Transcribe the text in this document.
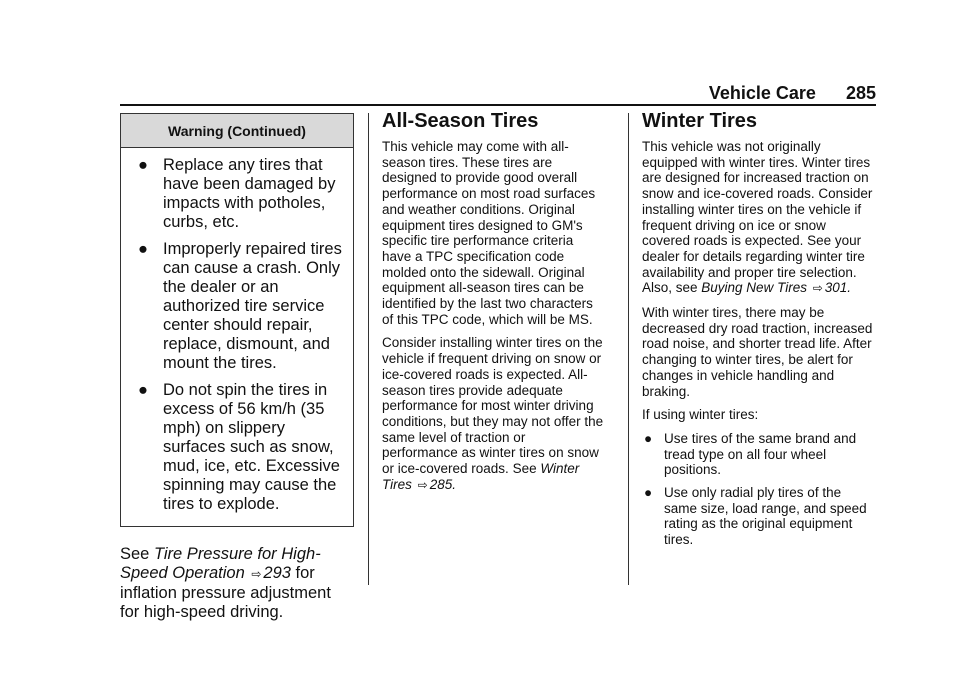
Vehicle Care 285
Warning (Continued)
● Replace any tires that have been damaged by impacts with potholes, curbs, etc.
● Improperly repaired tires can cause a crash. Only the dealer or an authorized tire service center should repair, replace, dismount, and mount the tires.
● Do not spin the tires in excess of 56 km/h (35 mph) on slippery surfaces such as snow, mud, ice, etc. Excessive spinning may cause the tires to explode.
See Tire Pressure for High-Speed Operation ⇨ 293 for inflation pressure adjustment for high-speed driving.
All-Season Tires

This vehicle may come with all-season tires. These tires are designed to provide good overall performance on most road surfaces and weather conditions. Original equipment tires designed to GM's specific tire performance criteria have a TPC specification code molded onto the sidewall. Original equipment all-season tires can be identified by the last two characters of this TPC code, which will be MS.

Consider installing winter tires on the vehicle if frequent driving on snow or ice-covered roads is expected. All-season tires provide adequate performance for most winter driving conditions, but they may not offer the same level of traction or performance as winter tires on snow or ice-covered roads. See Winter Tires ⇨ 285.

Winter Tires

This vehicle was not originally equipped with winter tires. Winter tires are designed for increased traction on snow and ice-covered roads. Consider installing winter tires on the vehicle if frequent driving on ice or snow covered roads is expected. See your dealer for details regarding winter tire availability and proper tire selection. Also, see Buying New Tires ⇨ 301.

With winter tires, there may be decreased dry road traction, increased road noise, and shorter tread life. After changing to winter tires, be alert for changes in vehicle handling and braking.

If using winter tires:

● Use tires of the same brand and tread type on all four wheel positions.
● Use only radial ply tires of the same size, load range, and speed rating as the original equipment tires.
